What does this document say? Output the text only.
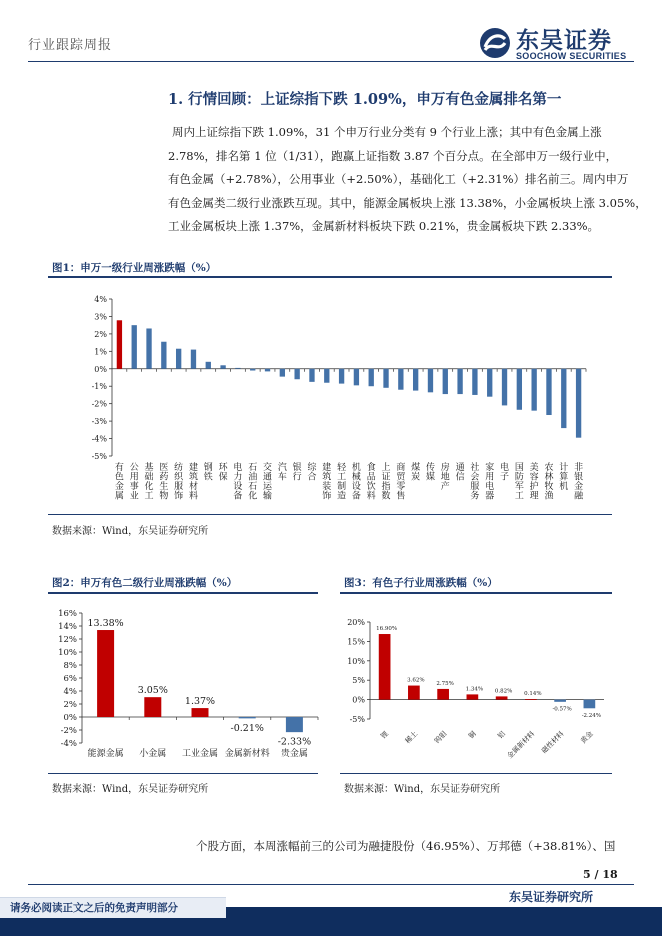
行业跟踪周报	东吴证券
SOOCHOW SECURITIES
1. 行情回顾：上证综指下跌 1.09%，申万有色金属排名第一

周内上证综指下跌 1.09%，31 个申万行业分类有 9 个行业上涨；其中有色金属上涨

2.78%，排名第 1 位（1/31），跑赢上证指数 3.87 个百分点。在全部申万一级行业中，

有色金属（+2.78%），公用事业（+2.50%），基础化工（+2.31%）排名前三。周内申万

有色金属类二级行业涨跌互现。其中，能源金属板块上涨 13.38%，小金属板块上涨 3.05%，

工业金属板块上涨 1.37%，金属新材料板块下跌 0.21%，贵金属板块下跌 2.33%。

图1：申万一级行业周涨跌幅（%）
4%
3%
2%
1%
0%
-1%
-2%
-3%
-4%
-5%
有色金属
公用事业
基础化工
医药生物
纺织服饰
建筑材料
钢铁
环保
电力设备
石油石化
交通运输
汽车
银行
综合
建筑装饰
轻工制造
机械设备
食品饮料
上证指数
商贸零售
煤炭
传媒
房地产
通信
社会服务
家用电器
电子
国防军工
美容护理
农林牧渔
计算机
非银金融
数据来源：Wind，东吴证券研究所
图2：申万有色二级行业周涨跌幅（%）
16%
14%
12%
10%
8%
6%
4%
2%
0%
-2%
-4%
13.38%
能源金属
3.05%
小金属
1.37%
工业金属
-0.21%
金属新材料
-2.33%
贵金属
数据来源：Wind，东吴证券研究所
图3：有色子行业周涨跌幅（%）
20%
15%
10%
5%
0%
-5%
16.90%
锂
3.62%
稀土
2.75%
钨钼
1.34%
铜
0.82%
铝
0.14%
金属新材料
-0.57%
磁性材料
-2.24%
黄金
数据来源：Wind，东吴证券研究所
个股方面，本周涨幅前三的公司为融捷股份（46.95%）、万邦德（+38.81%）、国
5 / 18
东吴证券研究所
请务必阅读正文之后的免责声明部分
